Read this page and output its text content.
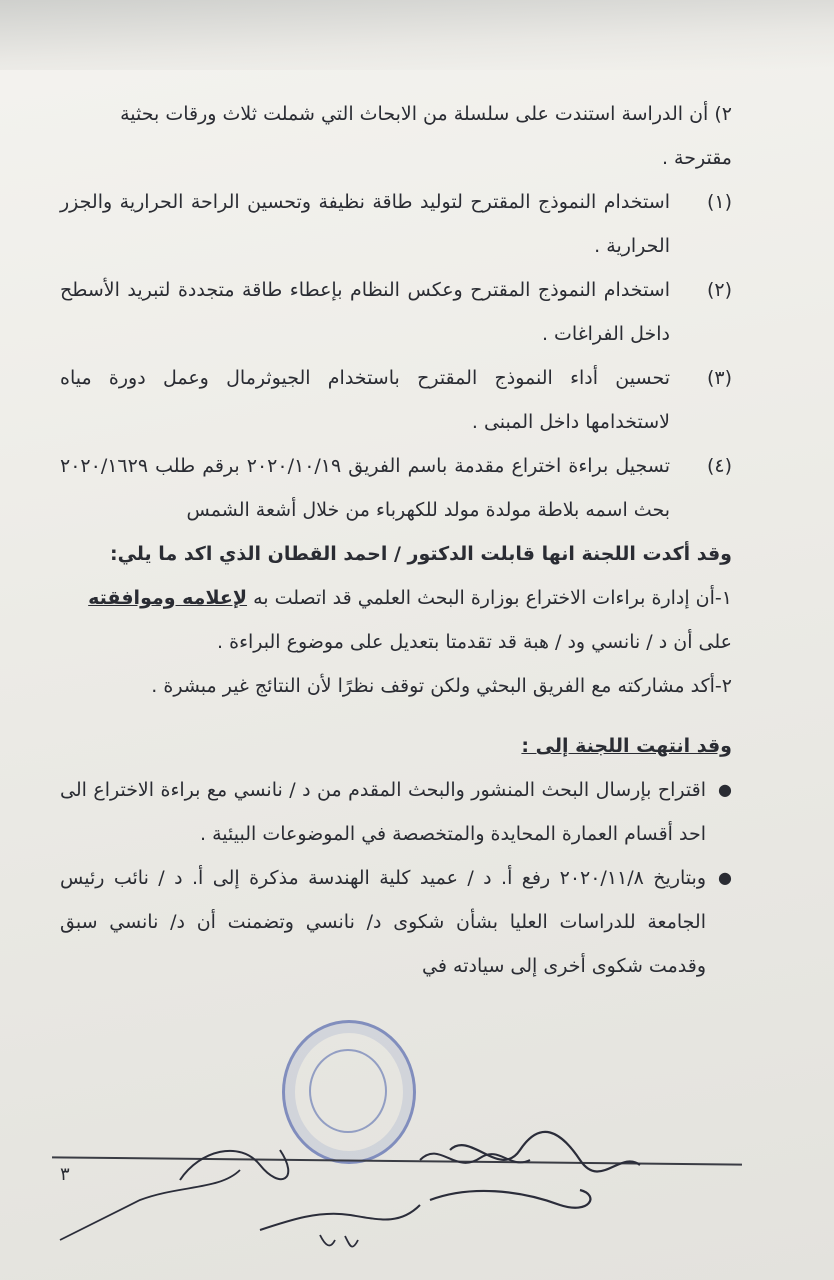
٢) أن الدراسة استندت على سلسلة من الابحاث التي شملت ثلاث ورقات بحثية مقترحة .

(١)
استخدام النموذج المقترح لتوليد طاقة نظيفة وتحسين الراحة الحرارية والجزر الحرارية .
(٢)
استخدام النموذج المقترح وعكس النظام بإعطاء طاقة متجددة لتبريد الأسطح داخل الفراغات .
(٣)
تحسين أداء النموذج المقترح باستخدام الجيوثرمال وعمل دورة مياه لاستخدامها داخل المبنى .
(٤)
تسجيل براءة اختراع مقدمة باسم الفريق ٢٠٢٠/١٠/١٩ برقم طلب ٢٠٢٠/١٦٢٩ بحث اسمه بلاطة مولدة مولد للكهرباء من خلال أشعة الشمس

وقد أكدت اللجنة انها قابلت الدكتور / احمد القطان الذي اكد ما يلي:

١-أن إدارة براءات الاختراع بوزارة البحث العلمي قد اتصلت به لإعلامه وموافقته على أن د / نانسي ود / هبة قد تقدمتا بتعديل على موضوع البراءة .

٢-أكد مشاركته مع الفريق البحثي ولكن توقف نظرًا لأن النتائج غير مبشرة .

وقد انتهت اللجنة إلى :

●
اقتراح بإرسال البحث المنشور والبحث المقدم من د / نانسي مع براءة الاختراع الى احد أقسام العمارة المحايدة والمتخصصة في الموضوعات البيئية .
●
وبتاريخ ٢٠٢٠/١١/٨ رفع أ. د / عميد كلية الهندسة مذكرة إلى أ. د / نائب رئيس الجامعة للدراسات العليا بشأن شكوى د/ نانسي وتضمنت أن د/ نانسي سبق وقدمت شكوى أخرى إلى سيادته في
٣
